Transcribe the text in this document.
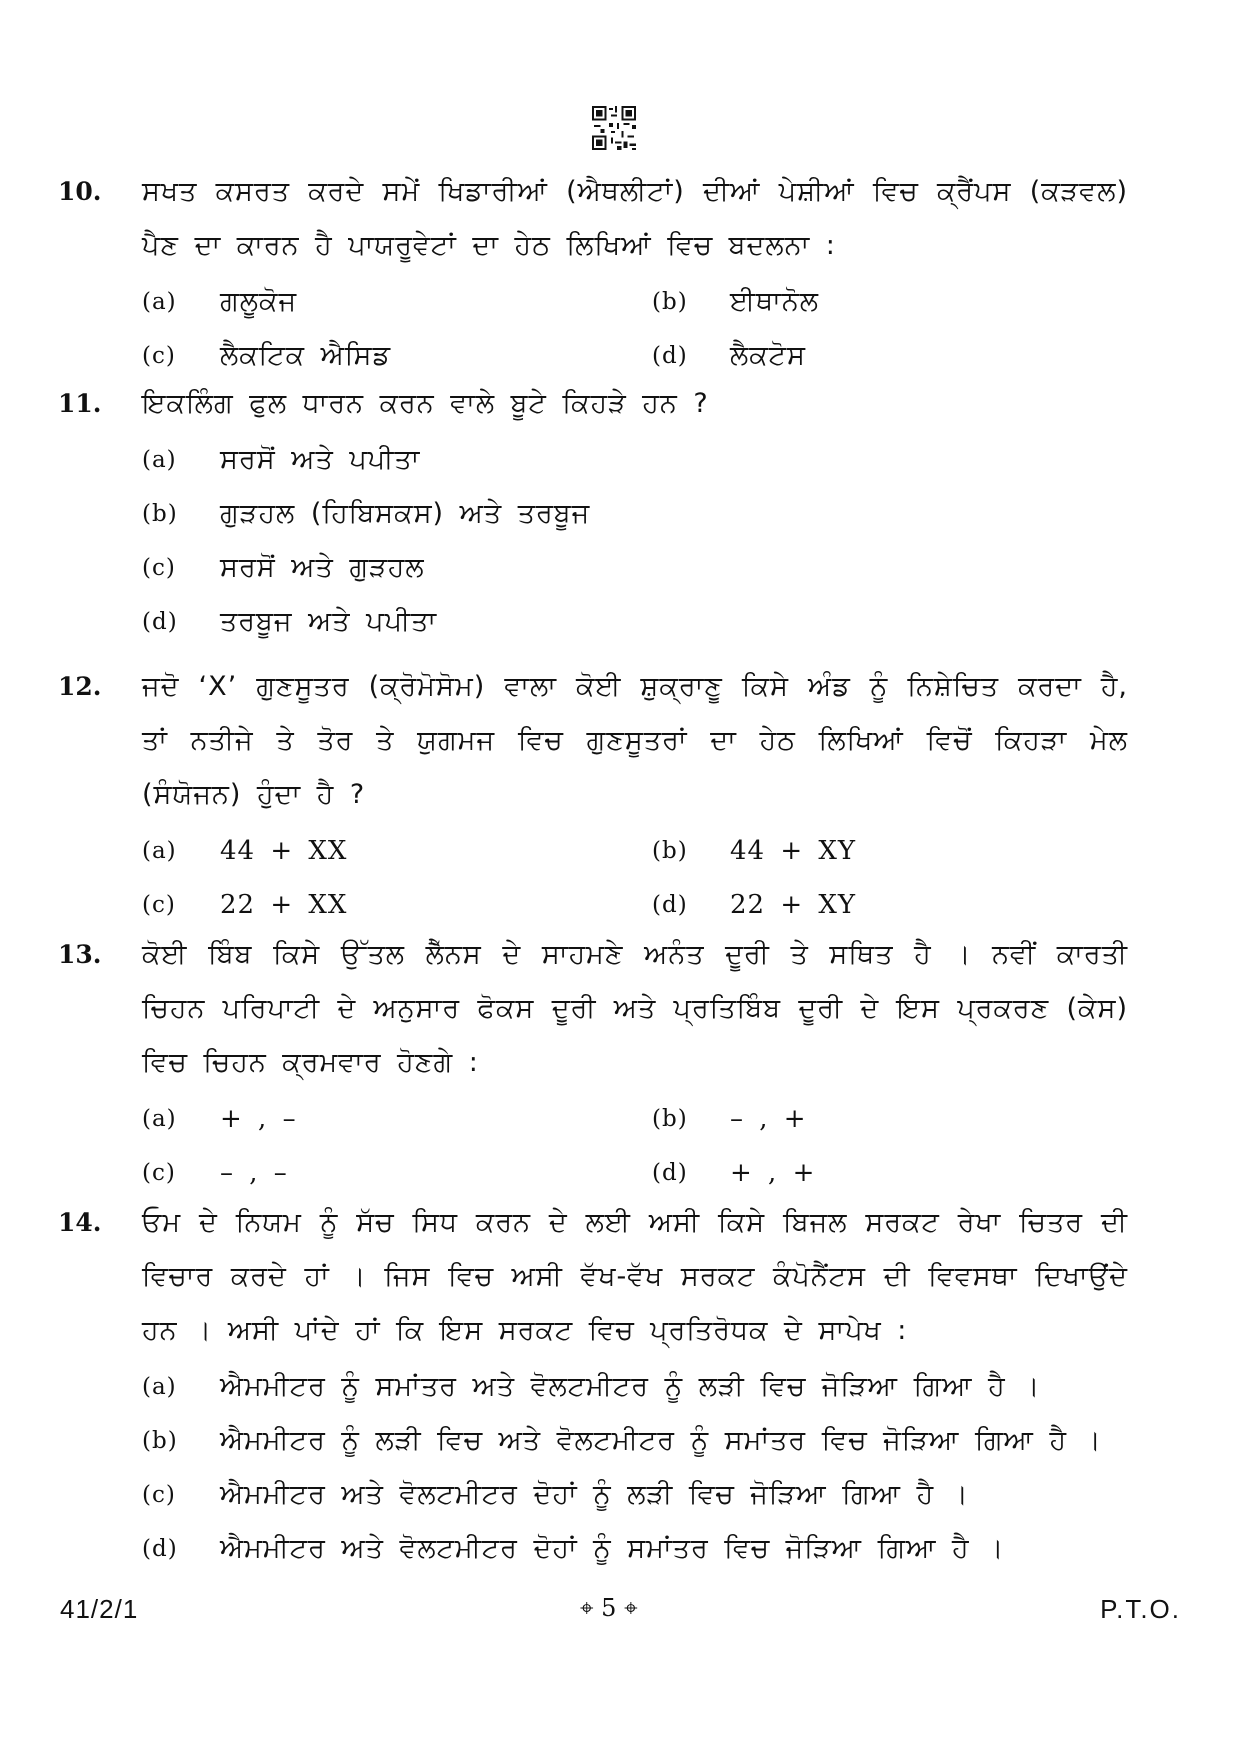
10. ਸਖਤ ਕਸਰਤ ਕਰਦੇ ਸਮੇਂ ਖਿਡਾਰੀਆਂ (ਐਥਲੀਟਾਂ) ਦੀਆਂ ਪੇਸ਼ੀਆਂ ਵਿਚ ਕ੍ਰੈਂਪਸ (ਕੜਵਲ) ਪੈਣ ਦਾ ਕਾਰਨ ਹੈ ਪਾਯਰੂਵੇਟਾਂ ਦਾ ਹੇਠ ਲਿਖਿਆਂ ਵਿਚ ਬਦਲਨਾ :
(a)	ਗਲੂਕੋਜ	(b)	ਈਥਾਨੋਲ
(c)	ਲੈਕਟਿਕ ਐਸਿਡ	(d)	ਲੈਕਟੋਸ
11. ਇਕਲਿੰਗ ਫੁਲ ਧਾਰਨ ਕਰਨ ਵਾਲੇ ਬੂਟੇ ਕਿਹੜੇ ਹਨ ?
(a)	ਸਰਸੋਂ ਅਤੇ ਪਪੀਤਾ
(b)	ਗੁੜਹਲ (ਹਿਬਿਸਕਸ) ਅਤੇ ਤਰਬੂਜ
(c)	ਸਰਸੋਂ ਅਤੇ ਗੁੜਹਲ
(d)	ਤਰਬੂਜ ਅਤੇ ਪਪੀਤਾ
12. ਜਦੋ ‘X’ ਗੁਣਸੂਤਰ (ਕ੍ਰੋਮੋਸੋਮ) ਵਾਲਾ ਕੋਈ ਸ਼ੁਕ੍ਰਾਣੂ ਕਿਸੇ ਅੰਡ ਨੂੰ ਨਿਸ਼ੇਚਿਤ ਕਰਦਾ ਹੈ, ਤਾਂ ਨਤੀਜੇ ਤੇ ਤੋਰ ਤੇ ਯੁਗਮਜ ਵਿਚ ਗੁਣਸੂਤਰਾਂ ਦਾ ਹੇਠ ਲਿਖਿਆਂ ਵਿਚੋਂ ਕਿਹੜਾ ਮੇਲ (ਸੰਯੋਜਨ) ਹੁੰਦਾ ਹੈ ?
(a)	44 + XX	(b)	44 + XY
(c)	22 + XX	(d)	22 + XY
13. ਕੋਈ ਬਿੰਬ ਕਿਸੇ ਉੱਤਲ ਲੈੱਨਸ ਦੇ ਸਾਹਮਣੇ ਅਨੰਤ ਦੂਰੀ ਤੇ ਸਥਿਤ ਹੈ । ਨਵੀਂ ਕਾਰਤੀ ਚਿਹਨ ਪਰਿਪਾਟੀ ਦੇ ਅਨੁਸਾਰ ਫੋਕਸ ਦੂਰੀ ਅਤੇ ਪ੍ਰਤਿਬਿੰਬ ਦੂਰੀ ਦੇ ਇਸ ਪ੍ਰਕਰਣ (ਕੇਸ) ਵਿਚ ਚਿਹਨ ਕ੍ਰਮਵਾਰ ਹੋਣਗੇ :
(a)	+ , –	(b)	– , +
(c)	– , –	(d)	+ , +
14. ਓਮ ਦੇ ਨਿਯਮ ਨੂੰ ਸੱਚ ਸਿਧ ਕਰਨ ਦੇ ਲਈ ਅਸੀ ਕਿਸੇ ਬਿਜਲ ਸਰਕਟ ਰੇਖਾ ਚਿਤਰ ਦੀ ਵਿਚਾਰ ਕਰਦੇ ਹਾਂ । ਜਿਸ ਵਿਚ ਅਸੀ ਵੱਖ-ਵੱਖ ਸਰਕਟ ਕੰਪੋਨੈਂਟਸ ਦੀ ਵਿਵਸਥਾ ਦਿਖਾਉਂਦੇ ਹਨ । ਅਸੀ ਪਾਂਦੇ ਹਾਂ ਕਿ ਇਸ ਸਰਕਟ ਵਿਚ ਪ੍ਰਤਿਰੋਧਕ ਦੇ ਸਾਪੇਖ :
(a)	ਐਮਮੀਟਰ ਨੂੰ ਸਮਾਂਤਰ ਅਤੇ ਵੋਲਟਮੀਟਰ ਨੂੰ ਲੜੀ ਵਿਚ ਜੋੜਿਆ ਗਿਆ ਹੈ ।
(b)	ਐਮਮੀਟਰ ਨੂੰ ਲੜੀ ਵਿਚ ਅਤੇ ਵੋਲਟਮੀਟਰ ਨੂੰ ਸਮਾਂਤਰ ਵਿਚ ਜੋੜਿਆ ਗਿਆ ਹੈ ।
(c)	ਐਮਮੀਟਰ ਅਤੇ ਵੋਲਟਮੀਟਰ ਦੋਹਾਂ ਨੂੰ ਲੜੀ ਵਿਚ ਜੋੜਿਆ ਗਿਆ ਹੈ ।
(d)	ਐਮਮੀਟਰ ਅਤੇ ਵੋਲਟਮੀਟਰ ਦੋਹਾਂ ਨੂੰ ਸਮਾਂਤਰ ਵਿਚ ਜੋੜਿਆ ਗਿਆ ਹੈ ।
41/2/1	⌖ 5 ⌖	P.T.O.
